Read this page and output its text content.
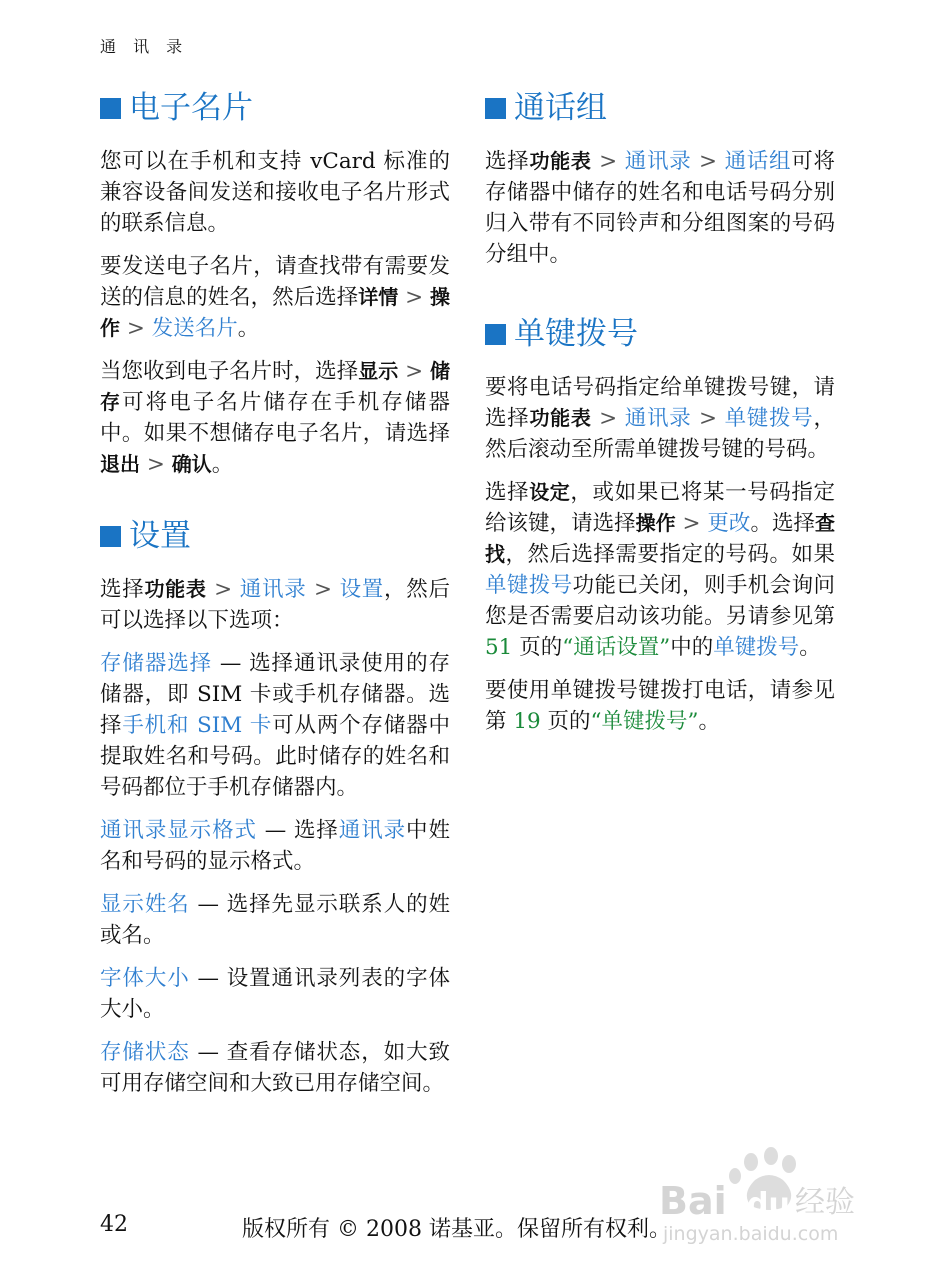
通 讯 录
电子名片

您可以在手机和支持 vCard 标准的兼容设备间发送和接收电子名片形式的联系信息。

要发送电子名片，请查找带有需要发送的信息的姓名，然后选择详情 > 操作 > 发送名片。

当您收到电子名片时，选择显示 > 储存可将电子名片储存在手机存储器中。如果不想储存电子名片，请选择退出 > 确认。

设置

选择功能表 > 通讯录 > 设置，然后可以选择以下选项：

存储器选择 — 选择通讯录使用的存储器，即 SIM 卡或手机存储器。选择手机和 SIM 卡可从两个存储器中提取姓名和号码。此时储存的姓名和号码都位于手机存储器内。

通讯录显示格式 — 选择通讯录中姓名和号码的显示格式。

显示姓名 — 选择先显示联系人的姓或名。

字体大小 — 设置通讯录列表的字体大小。

存储状态 — 查看存储状态，如大致可用存储空间和大致已用存储空间。

通话组

选择功能表 > 通讯录 > 通话组可将存储器中储存的姓名和电话号码分别归入带有不同铃声和分组图案的号码分组中。

单键拨号

要将电话号码指定给单键拨号键，请选择功能表 > 通讯录 > 单键拨号，然后滚动至所需单键拨号键的号码。

选择设定，或如果已将某一号码指定给该键，请选择操作 > 更改。选择查找，然后选择需要指定的号码。如果单键拨号功能已关闭，则手机会询问您是否需要启动该功能。另请参见第 51 页的“通话设置”中的单键拨号。

要使用单键拨号键拨打电话，请参见第 19 页的“单键拨号”。

Bai du 经验
jingyan.baidu.com
42	版权所有 © 2008 诺基亚。保留所有权利。
